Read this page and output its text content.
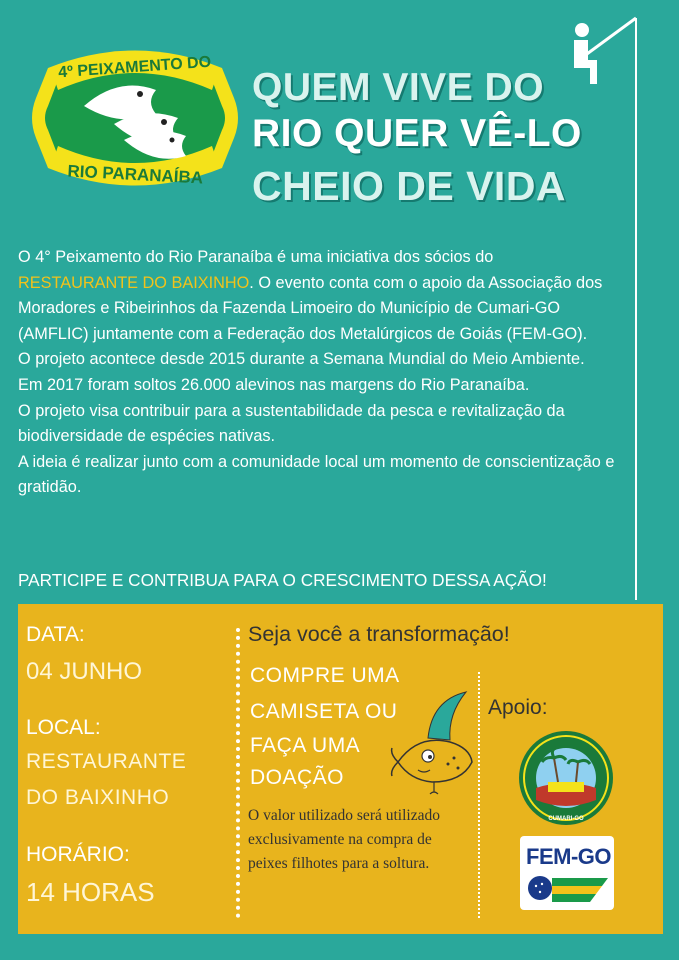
4º PEIXAMENTO DO
RIO PARANAÍBA
QUEM VIVE DO
RIO QUER VÊ-LO
CHEIO DE VIDA

O 4° Peixamento do Rio Paranaíba é uma iniciativa dos sócios do
RESTAURANTE DO BAIXINHO. O evento conta com o apoio da Associação dos Moradores e Ribeirinhos da Fazenda Limoeiro do Município de Cumari-GO (AMFLIC) juntamente com a Federação dos Metalúrgicos de Goiás (FEM-GO).

O projeto acontece desde 2015 durante a Semana Mundial do Meio Ambiente.

Em 2017 foram soltos 26.000 alevinos nas margens do Rio Paranaíba.

O projeto visa contribuir para a sustentabilidade da pesca e revitalização da biodiversidade de espécies nativas.

A ideia é realizar junto com a comunidade local um momento de conscientização e gratidão.

PARTICIPE E CONTRIBUA PARA O CRESCIMENTO DESSA AÇÃO!
DATA:
04 JUNHO
LOCAL:
RESTAURANTE
DO BAIXINHO
HORÁRIO:
14 HORAS
Seja você a transformação!
COMPRE UMA
CAMISETA OU
FAÇA UMA
DOAÇÃO
O valor utilizado será utilizado exclusivamente na compra de peixes filhotes para a soltura.
Apoio:
CUMARI-GO
FEM-GO
